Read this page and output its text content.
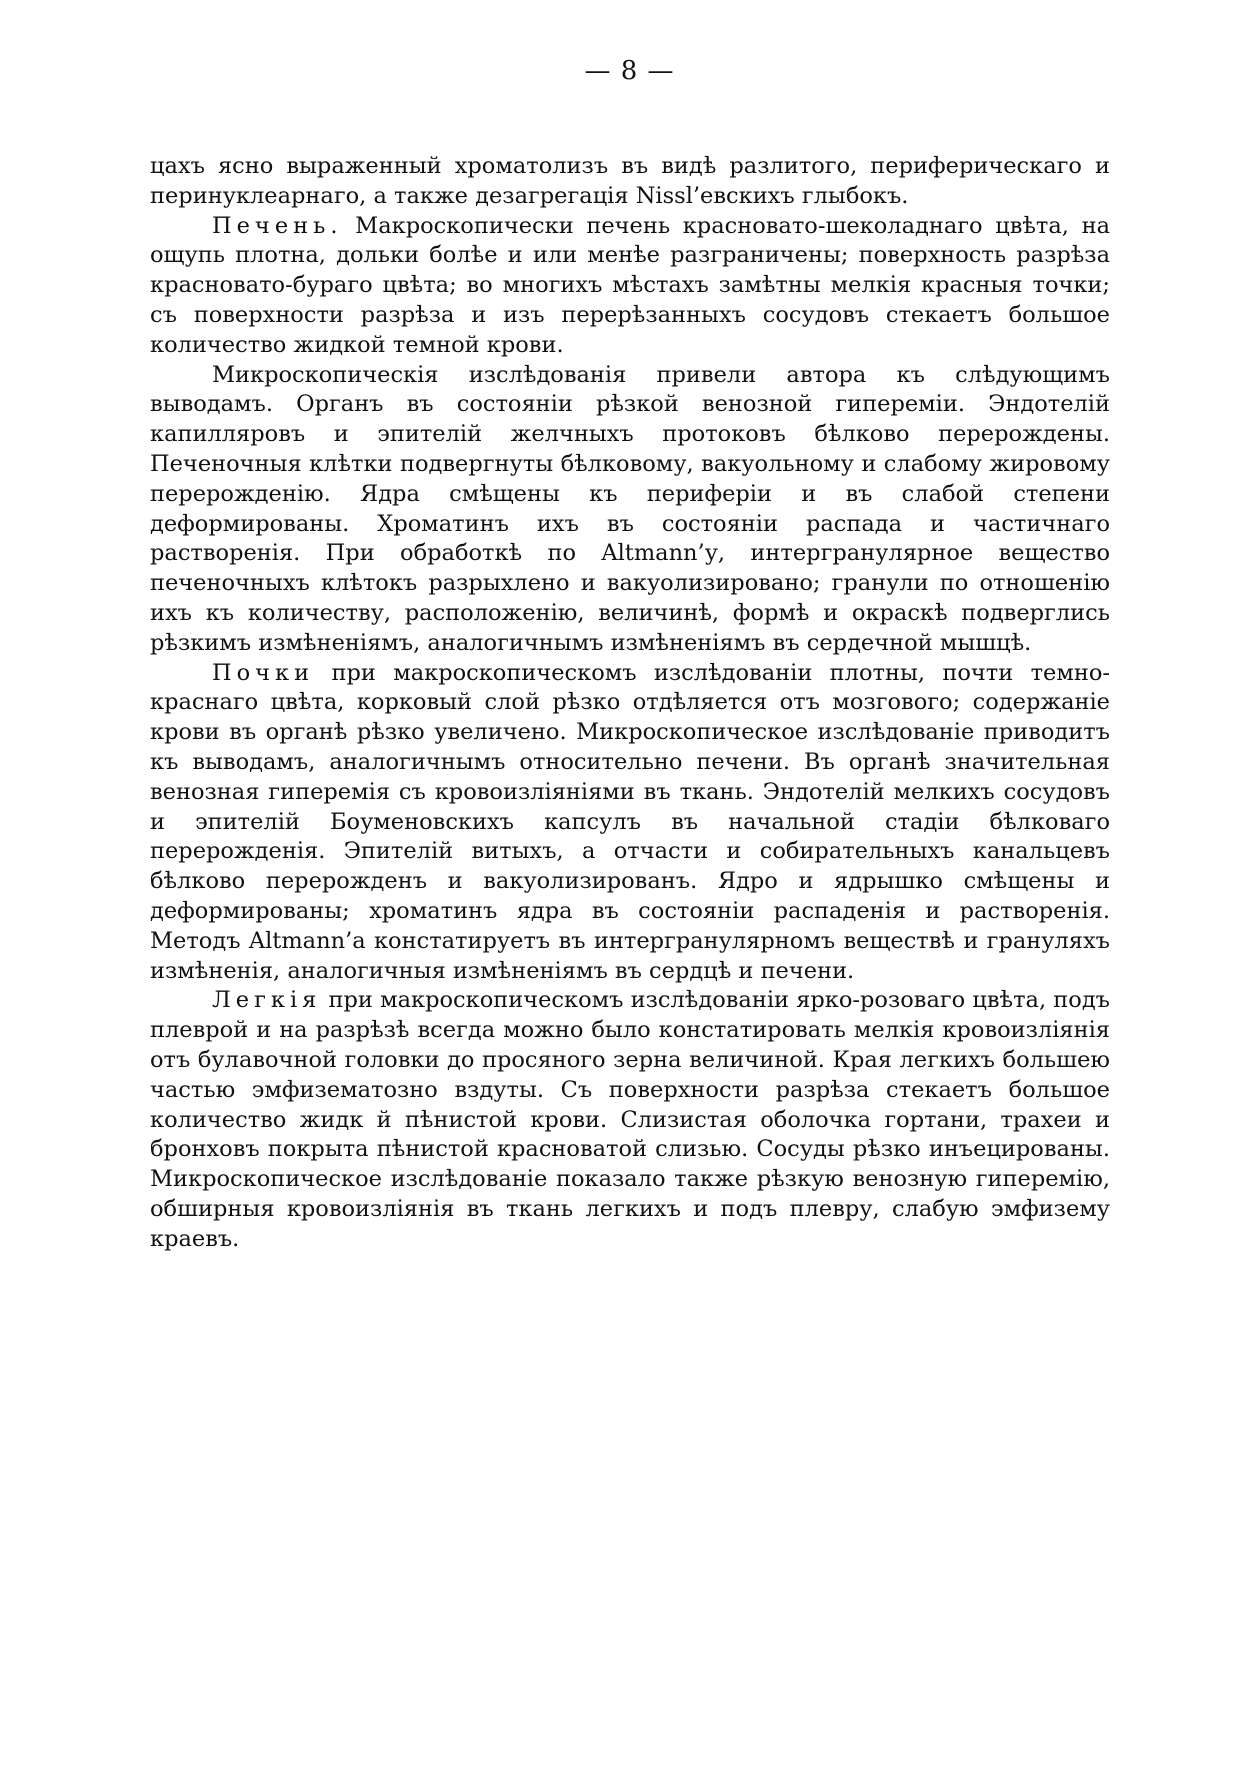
— 8 —

цахъ ясно выраженный хроматолизъ въ видѣ разлитого, периферическаго и перинуклеарнаго, а также дезагрегація Nissl’евскихъ глыбокъ.

Печень. Макроскопически печень красновато-шеколаднаго цвѣта, на ощупь плотна, дольки болѣе и или менѣе разграничены; поверхность разрѣза красновато-бураго цвѣта; во многихъ мѣстахъ замѣтны мелкія красныя точки; съ поверхности разрѣза и изъ перерѣзанныхъ сосудовъ стекаетъ большое количество жидкой темной крови.

Микроскопическія изслѣдованія привели автора къ слѣдующимъ выводамъ. Органъ въ состояніи рѣзкой венозной гипереміи. Эндотелій капилляровъ и эпителій желчныхъ протоковъ бѣлково перерождены. Печеночныя клѣтки подвергнуты бѣлковому, вакуольному и слабому жировому перерожденію. Ядра смѣщены къ периферіи и въ слабой степени деформированы. Хроматинъ ихъ въ состояніи распада и частичнаго растворенія. При обработкѣ по Altmann’у, интергранулярное вещество печеночныхъ клѣтокъ разрыхлено и вакуолизировано; гранули по отношенію ихъ къ количеству, расположенію, величинѣ, формѣ и окраскѣ подверглись рѣзкимъ измѣненіямъ, аналогичнымъ измѣненіямъ въ сердечной мышцѣ.

Почки при макроскопическомъ изслѣдованіи плотны, почти темно-краснаго цвѣта, корковый слой рѣзко отдѣляется отъ мозгового; содержаніе крови въ органѣ рѣзко увеличено. Микроскопическое изслѣдованіе приводитъ къ выводамъ, аналогичнымъ относительно печени. Въ органѣ значительная венозная гиперемія съ кровоизліяніями въ ткань. Эндотелій мелкихъ сосудовъ и эпителій Боуменовскихъ капсулъ въ начальной стадіи бѣлковаго перерожденія. Эпителій витыхъ, а отчасти и собирательныхъ канальцевъ бѣлково перерожденъ и вакуолизированъ. Ядро и ядрышко смѣщены и деформированы; хроматинъ ядра въ состояніи распаденія и растворенія. Методъ Altmann’а констатируетъ въ интергранулярномъ веществѣ и грануляхъ измѣненія, аналогичныя измѣненіямъ въ сердцѣ и печени.

Легкія при макроскопическомъ изслѣдованіи ярко-розоваго цвѣта, подъ плеврой и на разрѣзѣ всегда можно было констатировать мелкія кровоизліянія отъ булавочной головки до просяного зерна величиной. Края легкихъ большею частью эмфизематозно вздуты. Съ поверхности разрѣза стекаетъ большое количество жидк й пѣнистой крови. Слизистая оболочка гортани, трахеи и бронховъ покрыта пѣнистой красноватой слизью. Сосуды рѣзко инъецированы. Микроскопическое изслѣдованіе показало также рѣзкую венозную гиперемію, обширныя кровоизліянія въ ткань легкихъ и подъ плевру, слабую эмфизему краевъ.
